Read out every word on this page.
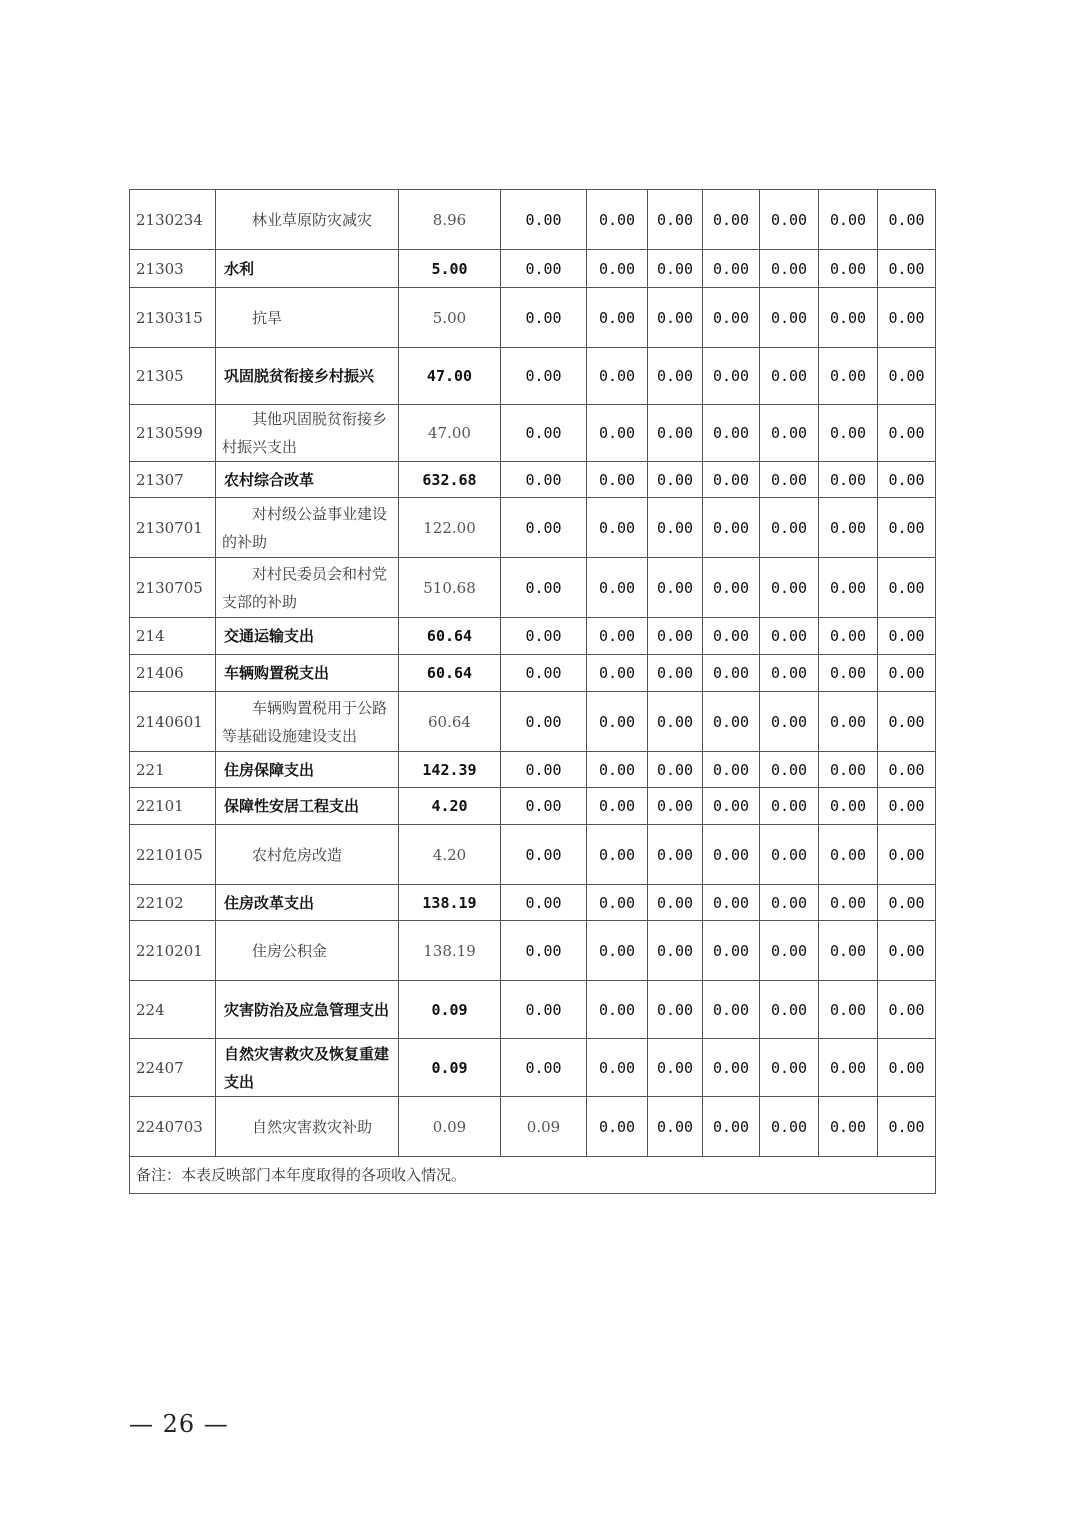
2130234	林业草原防灾减灾	8.96	0.00	0.00	0.00	0.00	0.00	0.00	0.00
21303	水利	5.00	0.00	0.00	0.00	0.00	0.00	0.00	0.00
2130315	抗旱	5.00	0.00	0.00	0.00	0.00	0.00	0.00	0.00
21305	巩固脱贫衔接乡村振兴	47.00	0.00	0.00	0.00	0.00	0.00	0.00	0.00
2130599	其他巩固脱贫衔接乡村振兴支出	47.00	0.00	0.00	0.00	0.00	0.00	0.00	0.00
21307	农村综合改革	632.68	0.00	0.00	0.00	0.00	0.00	0.00	0.00
2130701	对村级公益事业建设的补助	122.00	0.00	0.00	0.00	0.00	0.00	0.00	0.00
2130705	对村民委员会和村党支部的补助	510.68	0.00	0.00	0.00	0.00	0.00	0.00	0.00
214	交通运输支出	60.64	0.00	0.00	0.00	0.00	0.00	0.00	0.00
21406	车辆购置税支出	60.64	0.00	0.00	0.00	0.00	0.00	0.00	0.00
2140601	车辆购置税用于公路等基础设施建设支出	60.64	0.00	0.00	0.00	0.00	0.00	0.00	0.00
221	住房保障支出	142.39	0.00	0.00	0.00	0.00	0.00	0.00	0.00
22101	保障性安居工程支出	4.20	0.00	0.00	0.00	0.00	0.00	0.00	0.00
2210105	农村危房改造	4.20	0.00	0.00	0.00	0.00	0.00	0.00	0.00
22102	住房改革支出	138.19	0.00	0.00	0.00	0.00	0.00	0.00	0.00
2210201	住房公积金	138.19	0.00	0.00	0.00	0.00	0.00	0.00	0.00
224	灾害防治及应急管理支出	0.09	0.00	0.00	0.00	0.00	0.00	0.00	0.00
22407	自然灾害救灾及恢复重建支出	0.09	0.00	0.00	0.00	0.00	0.00	0.00	0.00
2240703	自然灾害救灾补助	0.09	0.09	0.00	0.00	0.00	0.00	0.00	0.00
备注：本表反映部门本年度取得的各项收入情况。									
— 26 —
